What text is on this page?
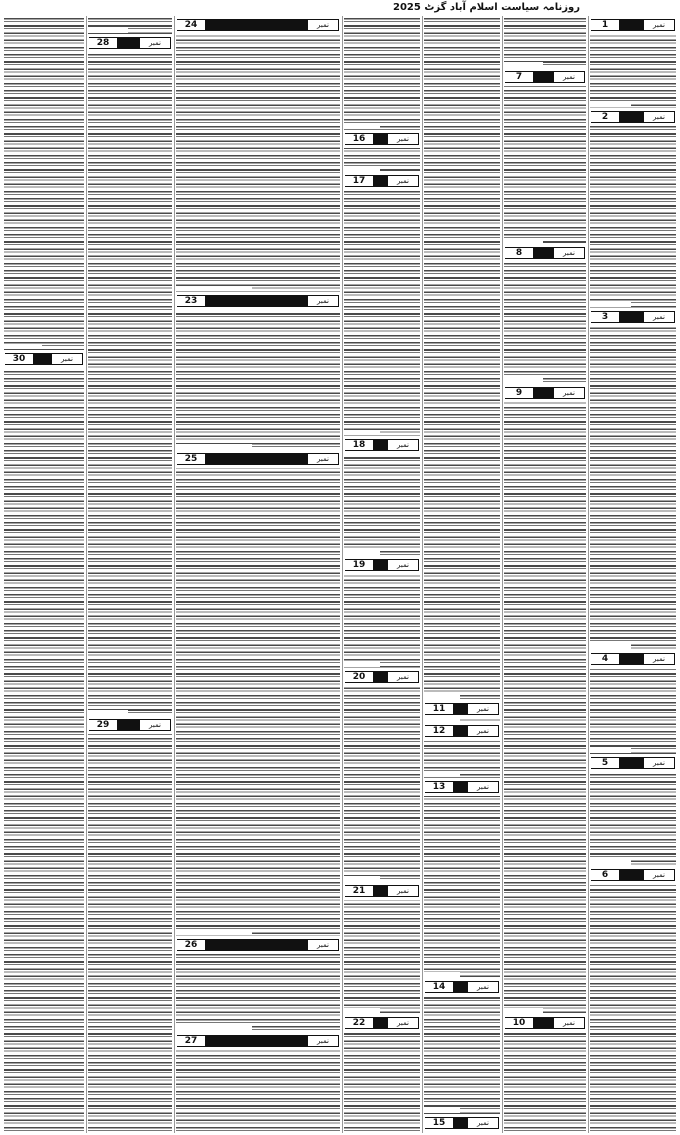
روزنامہ سیاست اسلام آباد گزٹ 2025
1	نمبر
2	نمبر
3	نمبر
4	نمبر
5	نمبر
6	نمبر
7	نمبر
8	نمبر
9	نمبر
10	نمبر
11	نمبر
12	نمبر
13	نمبر
14	نمبر
15	نمبر
16	نمبر
17	نمبر
18	نمبر
19	نمبر
20	نمبر
21	نمبر
22	نمبر
23	نمبر
24	نمبر
25	نمبر
26	نمبر
27	نمبر
28	نمبر
29	نمبر
30	نمبر
